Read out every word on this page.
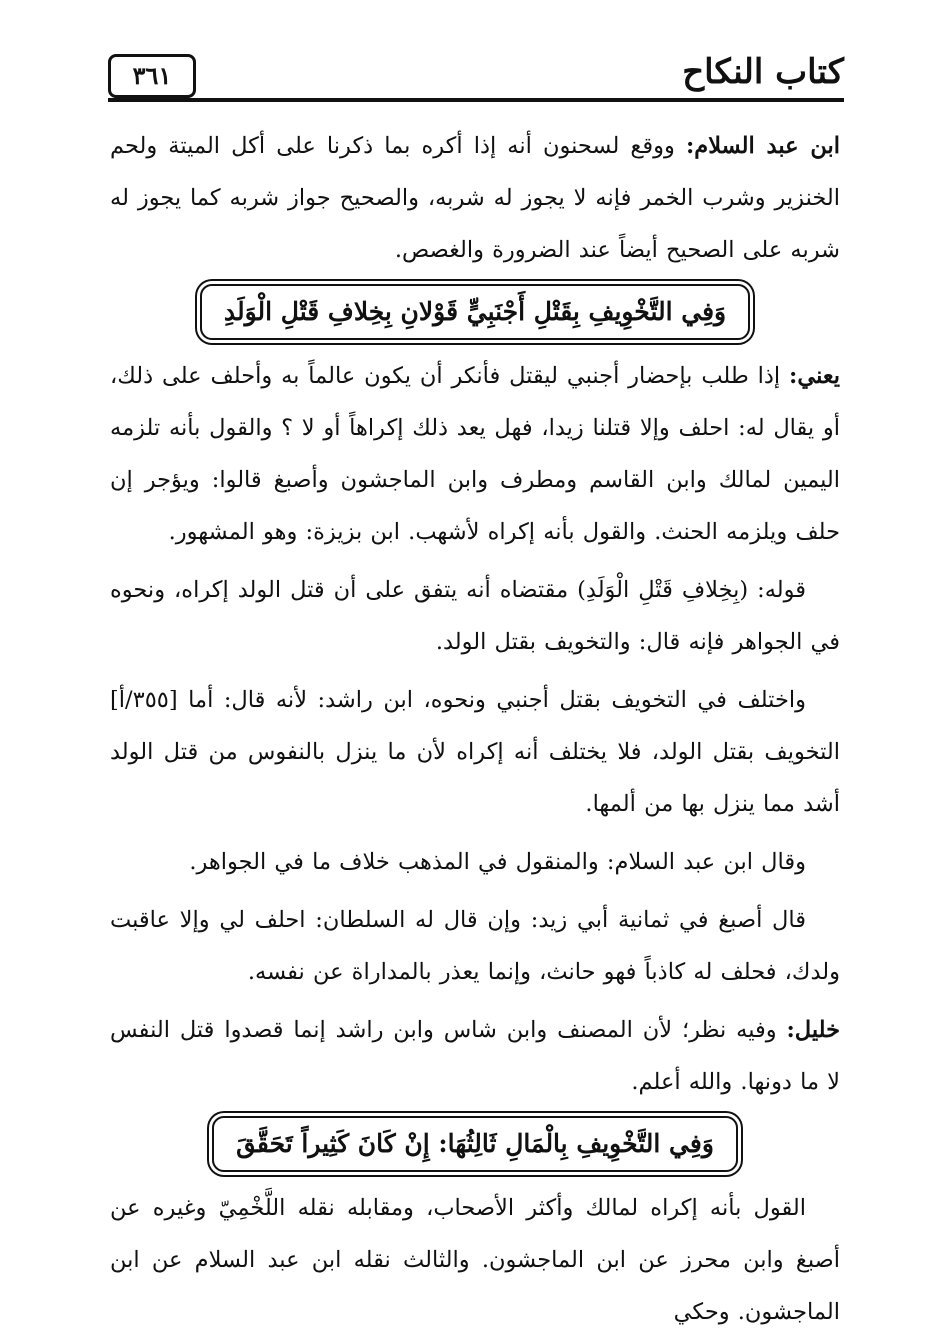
كتاب النكاح
٣٦١

ابن عبد السلام: ووقع لسحنون أنه إذا أكره بما ذكرنا على أكل الميتة ولحم الخنزير وشرب الخمر فإنه لا يجوز له شربه، والصحيح جواز شربه كما يجوز له شربه على الصحيح أيضاً عند الضرورة والغصص.

وَفِي التَّخْوِيفِ بِقَتْلِ أَجْنَبِيٍّ قَوْلانِ بِخِلافِ قَتْلِ الْوَلَدِ

يعني: إذا طلب بإحضار أجنبي ليقتل فأنكر أن يكون عالماً به وأحلف على ذلك، أو يقال له: احلف وإلا قتلنا زيدا، فهل يعد ذلك إكراهاً أو لا ؟ والقول بأنه تلزمه اليمين لمالك وابن القاسم ومطرف وابن الماجشون وأصبغ قالوا: ويؤجر إن حلف ويلزمه الحنث. والقول بأنه إكراه لأشهب. ابن بزيزة: وهو المشهور.

قوله: (بِخِلافِ قَتْلِ الْوَلَدِ) مقتضاه أنه يتفق على أن قتل الولد إكراه، ونحوه في الجواهر فإنه قال: والتخويف بقتل الولد.

واختلف في التخويف بقتل أجنبي ونحوه، ابن راشد: لأنه قال: أما [٣٥٥/أ] التخويف بقتل الولد، فلا يختلف أنه إكراه لأن ما ينزل بالنفوس من قتل الولد أشد مما ينزل بها من ألمها.

وقال ابن عبد السلام: والمنقول في المذهب خلاف ما في الجواهر.

قال أصبغ في ثمانية أبي زيد: وإن قال له السلطان: احلف لي وإلا عاقبت ولدك، فحلف له كاذباً فهو حانث، وإنما يعذر بالمداراة عن نفسه.

خليل: وفيه نظر؛ لأن المصنف وابن شاس وابن راشد إنما قصدوا قتل النفس لا ما دونها. والله أعلم.

وَفِي التَّخْوِيفِ بِالْمَالِ ثَالِثُهَا: إِنْ كَانَ كَثِيراً تَحَقَّقَ

القول بأنه إكراه لمالك وأكثر الأصحاب، ومقابله نقله اللَّخْمِيّ وغيره عن أصبغ وابن محرز عن ابن الماجشون. والثالث نقله ابن عبد السلام عن ابن الماجشون. وحكي
